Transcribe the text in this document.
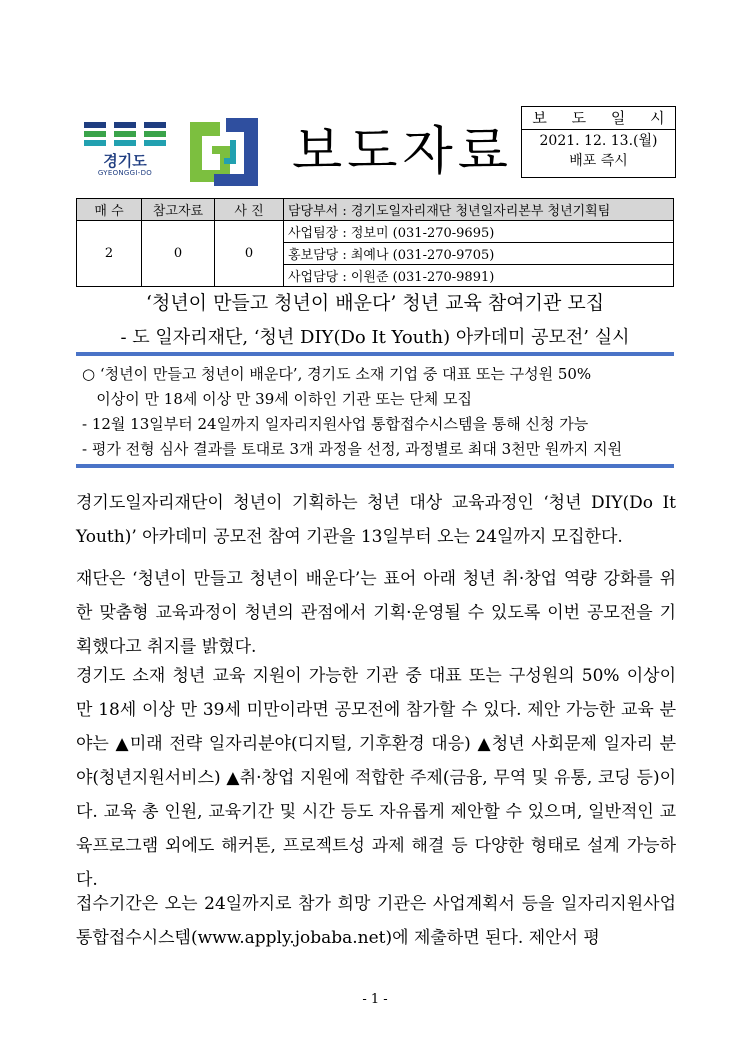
경기도
GYEONGGI-DO	보도자료
보 도 일 시
2021. 12. 13.(월)
배포 즉시
매 수	참고자료	사 진	담당부서 : 경기도일자리재단 청년일자리본부 청년기획팀
2	0	0	사업팀장 : 정보미 (031-270-9695)
			홍보담당 : 최예나 (031-270-9705)
			사업담당 : 이원준 (031-270-9891)
‘청년이 만들고 청년이 배운다’ 청년 교육 참여기관 모집
- 도 일자리재단, ‘청년 DIY(Do It Youth) 아카데미 공모전’ 실시
○ ‘청년이 만들고 청년이 배운다’, 경기도 소재 기업 중 대표 또는 구성원 50%
이상이 만 18세 이상 만 39세 이하인 기관 또는 단체 모집
- 12월 13일부터 24일까지 일자리지원사업 통합접수시스템을 통해 신청 가능
- 평가 전형 심사 결과를 토대로 3개 과정을 선정, 과정별로 최대 3천만 원까지 지원
경기도일자리재단이 청년이 기획하는 청년 대상 교육과정인 ‘청년 DIY(Do It Youth)’ 아카데미 공모전 참여 기관을 13일부터 오는 24일까지 모집한다.
재단은 ‘청년이 만들고 청년이 배운다’는 표어 아래 청년 취·창업 역량 강화를 위한 맞춤형 교육과정이 청년의 관점에서 기획·운영될 수 있도록 이번 공모전을 기획했다고 취지를 밝혔다.
경기도 소재 청년 교육 지원이 가능한 기관 중 대표 또는 구성원의 50% 이상이 만 18세 이상 만 39세 미만이라면 공모전에 참가할 수 있다. 제안 가능한 교육 분야는 ▲미래 전략 일자리분야(디지털, 기후환경 대응) ▲청년 사회문제 일자리 분야(청년지원서비스) ▲취·창업 지원에 적합한 주제(금융, 무역 및 유통, 코딩 등)이다. 교육 총 인원, 교육기간 및 시간 등도 자유롭게 제안할 수 있으며, 일반적인 교육프로그램 외에도 해커톤, 프로젝트성 과제 해결 등 다양한 형태로 설계 가능하다.
접수기간은 오는 24일까지로 참가 희망 기관은 사업계획서 등을 일자리지원사업 통합접수시스템(www.apply.jobaba.net)에 제출하면 된다. 제안서 평
- 1 -
